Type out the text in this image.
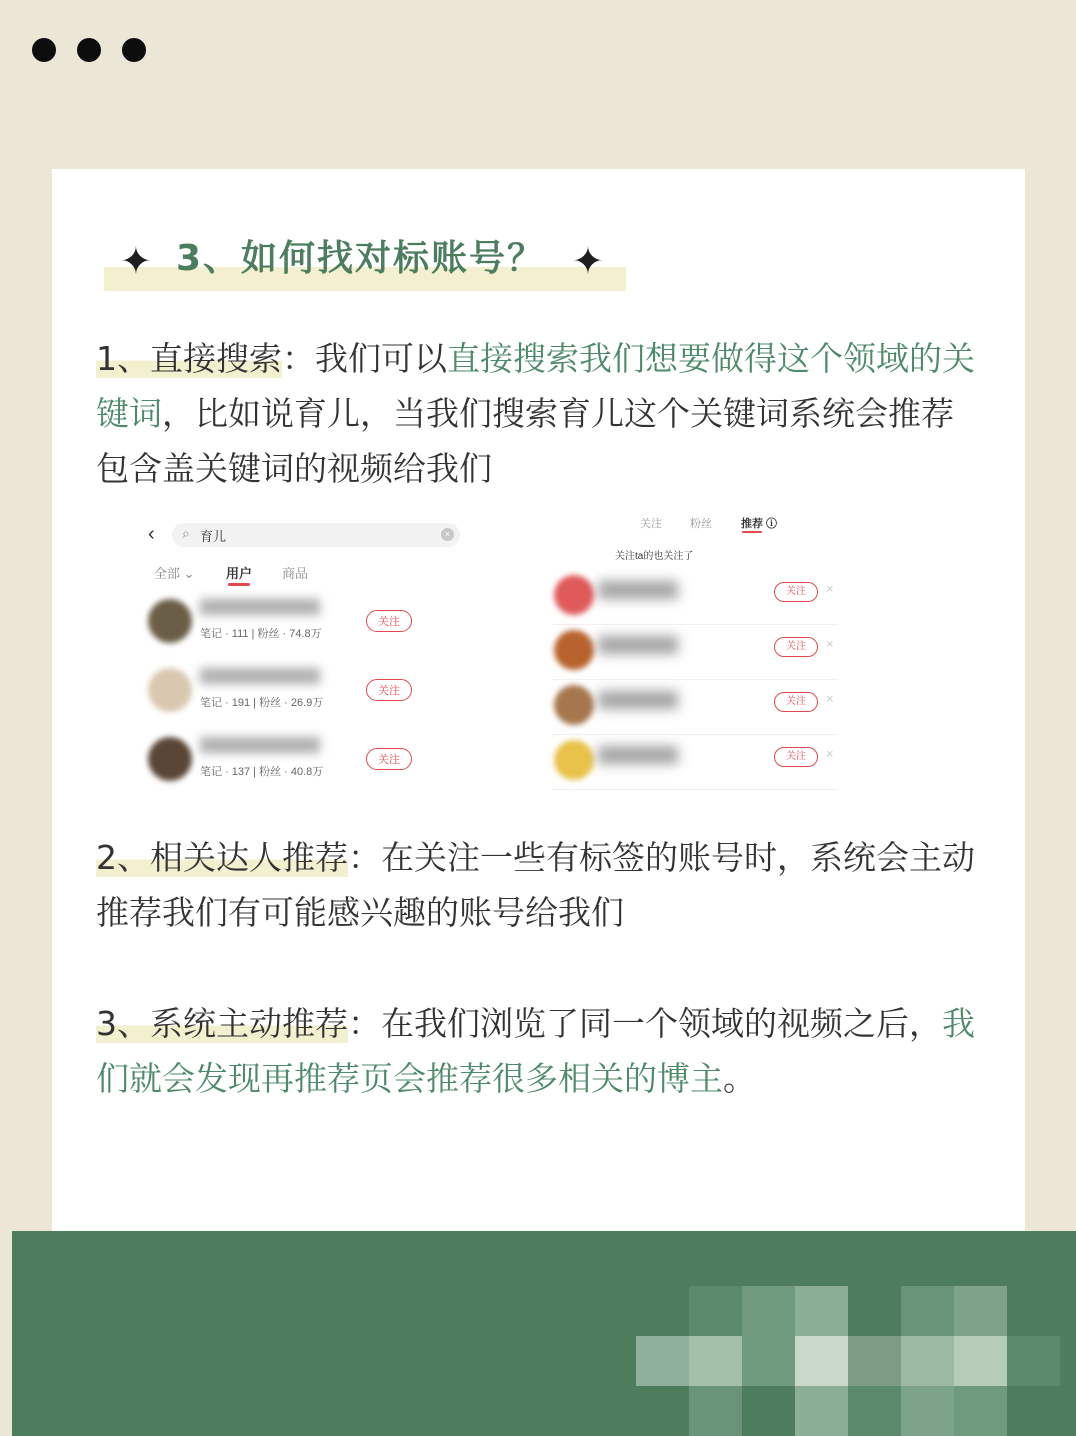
✦ 3、如何找对标账号？ ✦
1、直接搜索：我们可以直接搜索我们想要做得这个领域的关键词，比如说育儿，当我们搜索育儿这个关键词系统会推荐包含盖关键词的视频给我们
‹ ⌕ 育儿	×
全部 ⌄ 用户 商品
笔记 · 111 | 粉丝 · 74.8万
关注
笔记 · 191 | 粉丝 · 26.9万
关注
笔记 · 137 | 粉丝 · 40.8万
关注
关注	粉丝	推荐 ⓘ
关注ta的也关注了
关注	×
关注	×
关注	×
关注	×
2、相关达人推荐：在关注一些有标签的账号时，系统会主动推荐我们有可能感兴趣的账号给我们
3、系统主动推荐：在我们浏览了同一个领域的视频之后，我们就会发现再推荐页会推荐很多相关的博主。
